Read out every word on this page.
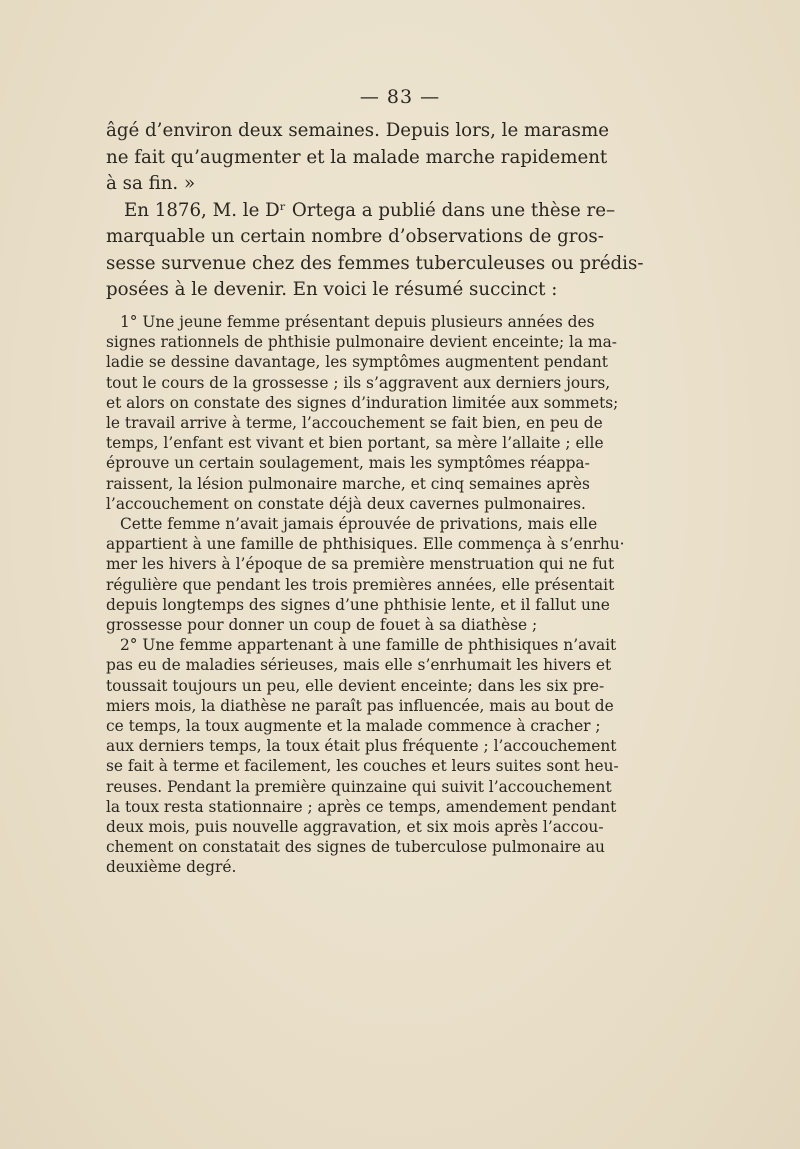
— 83 —
âgé d’environ deux semaines. Depuis lors, le marasme
ne fait qu’augmenter et la malade marche rapidement
à sa fin. »
En 1876, M. le Dʳ Ortega a publié dans une thèse re–
marquable un certain nombre d’observations de gros-
sesse survenue chez des femmes tuberculeuses ou prédis-
posées à le devenir. En voici le résumé succinct :
1° Une jeune femme présentant depuis plusieurs années des
signes rationnels de phthisie pulmonaire devient enceinte; la ma-
ladie se dessine davantage, les symptômes augmentent pendant
tout le cours de la grossesse ; ils s’aggravent aux derniers jours,
et alors on constate des signes d’induration limitée aux sommets;
le travail arrive à terme, l’accouchement se fait bien, en peu de
temps, l’enfant est vivant et bien portant, sa mère l’allaite ; elle
éprouve un certain soulagement, mais les symptômes réappa-
raissent, la lésion pulmonaire marche, et cinq semaines après
l’accouchement on constate déjà deux cavernes pulmonaires.
Cette femme n’avait jamais éprouvée de privations, mais elle
appartient à une famille de phthisiques. Elle commença à s’enrhu·
mer les hivers à l’époque de sa première menstruation qui ne fut
régulière que pendant les trois premières années, elle présentait
depuis longtemps des signes d’une phthisie lente, et il fallut une
grossesse pour donner un coup de fouet à sa diathèse ;
2° Une femme appartenant à une famille de phthisiques n’avait
pas eu de maladies sérieuses, mais elle s’enrhumait les hivers et
toussait toujours un peu, elle devient enceinte; dans les six pre-
miers mois, la diathèse ne paraît pas influencée, mais au bout de
ce temps, la toux augmente et la malade commence à cracher ;
aux derniers temps, la toux était plus fréquente ; l’accouchement
se fait à terme et facilement, les couches et leurs suites sont heu-
reuses. Pendant la première quinzaine qui suivit l’accouchement
la toux resta stationnaire ; après ce temps, amendement pendant
deux mois, puis nouvelle aggravation, et six mois après l’accou-
chement on constatait des signes de tuberculose pulmonaire au
deuxième degré.
